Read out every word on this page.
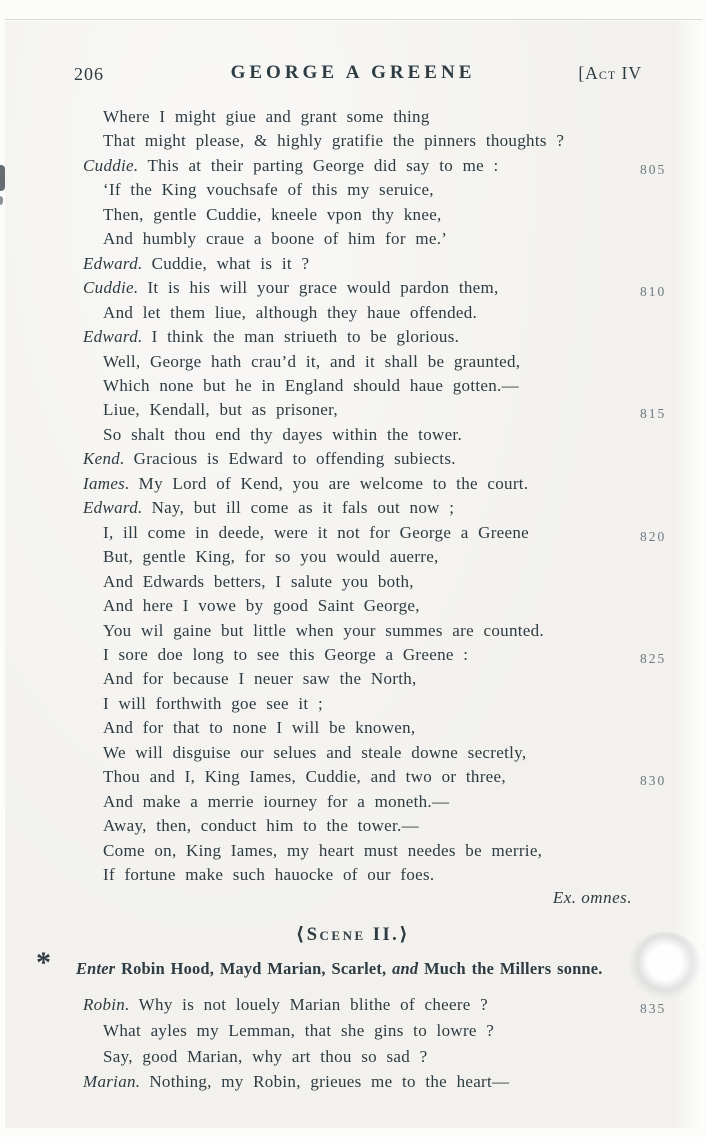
206	GEORGE A GREENE	[Act IV
Where I might giue and grant some thing
That might please, & highly gratifie the pinners thoughts ?
Cuddie. This at their parting George did say to me :	805
‘If the King vouchsafe of this my seruice,
Then, gentle Cuddie, kneele vpon thy knee,
And humbly craue a boone of him for me.’
Edward. Cuddie, what is it ?
Cuddie. It is his will your grace would pardon them,	810
And let them liue, although they haue offended.
Edward. I think the man striueth to be glorious.
Well, George hath crau’d it, and it shall be graunted,
Which none but he in England should haue gotten.—
Liue, Kendall, but as prisoner,	815
So shalt thou end thy dayes within the tower.
Kend. Gracious is Edward to offending subiects.
Iames. My Lord of Kend, you are welcome to the court.
Edward. Nay, but ill come as it fals out now ;
I, ill come in deede, were it not for George a Greene	820
But, gentle King, for so you would auerre,
And Edwards betters, I salute you both,
And here I vowe by good Saint George,
You wil gaine but little when your summes are counted.
I sore doe long to see this George a Greene :	825
And for because I neuer saw the North,
I will forthwith goe see it ;
And for that to none I will be knowen,
We will disguise our selues and steale downe secretly,
Thou and I, King Iames, Cuddie, and two or three,	830
And make a merrie iourney for a moneth.—
Away, then, conduct him to the tower.—
Come on, King Iames, my heart must needes be merrie,
If fortune make such hauocke of our foes.
Ex. omnes.
⟨Scene II.⟩
* Enter Robin Hood, Mayd Marian, Scarlet, and Much the Millers sonne.
Robin. Why is not louely Marian blithe of cheere ?	835
What ayles my Lemman, that she gins to lowre ?
Say, good Marian, why art thou so sad ?
Marian. Nothing, my Robin, grieues me to the heart—
